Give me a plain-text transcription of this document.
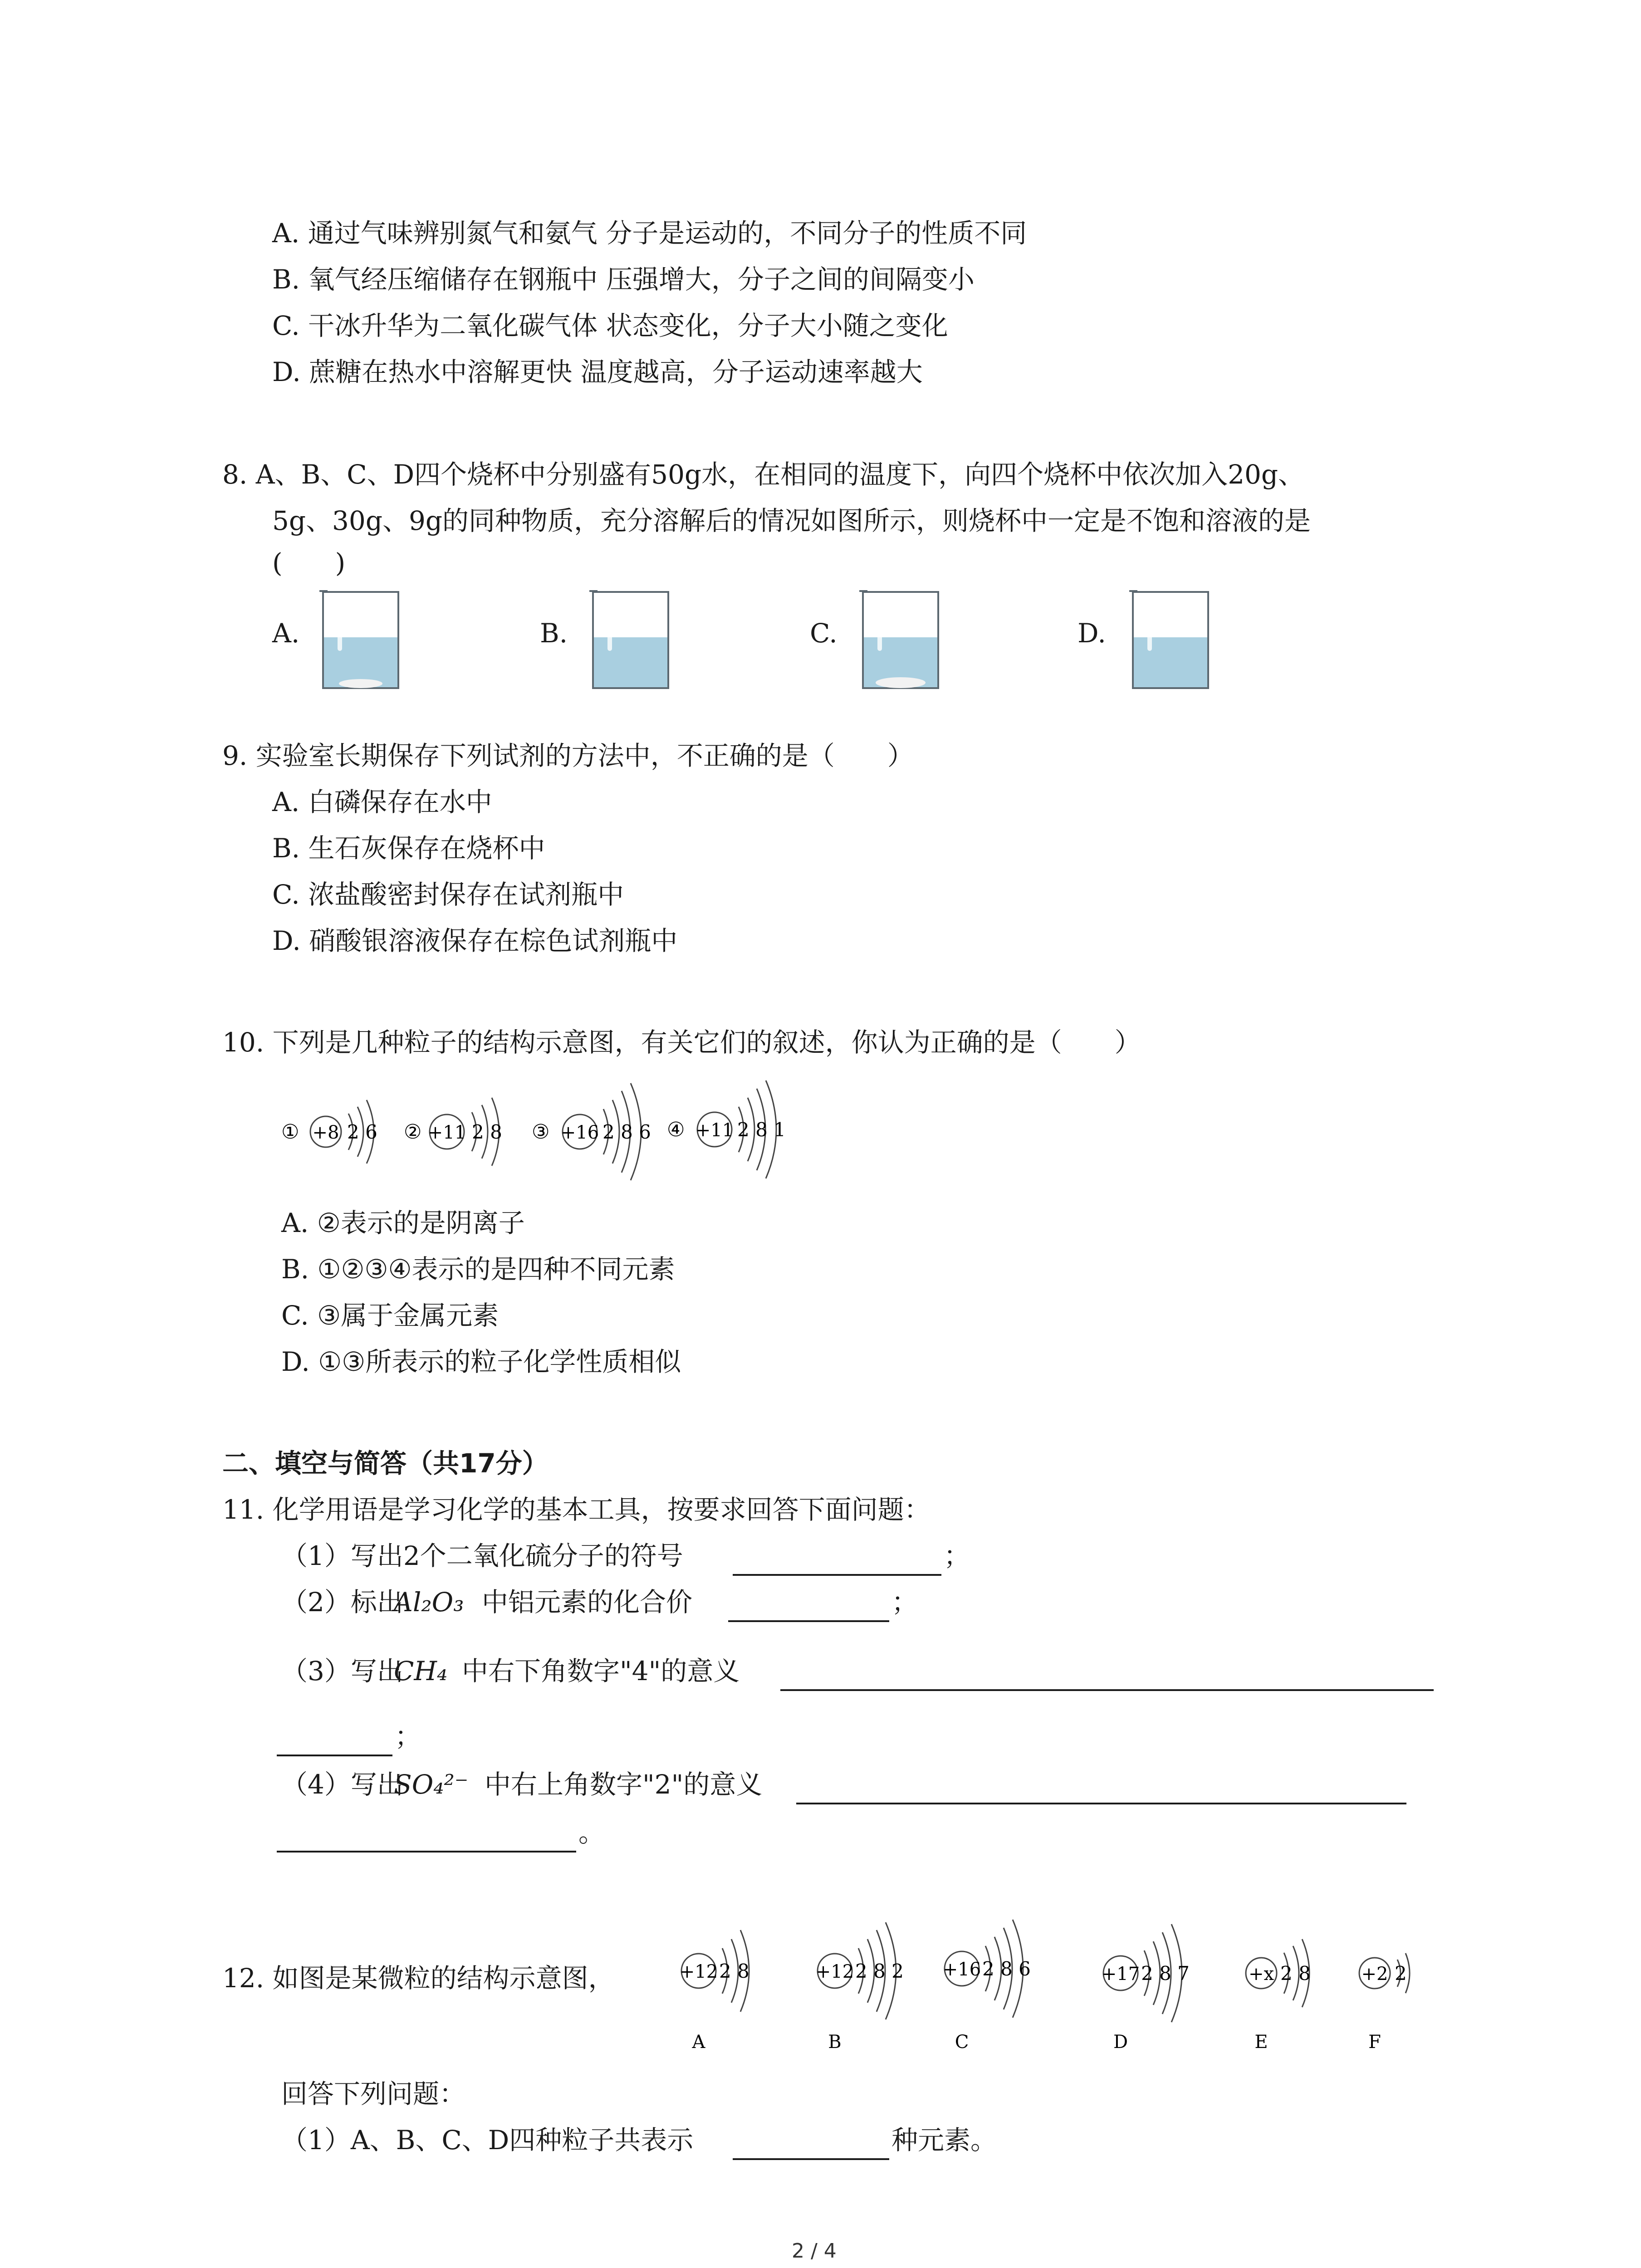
A. 通过气味辨别氮气和氨气 分子是运动的，不同分子的性质不同
B. 氧气经压缩储存在钢瓶中 压强增大，分子之间的间隔变小
C. 干冰升华为二氧化碳气体 状态变化，分子大小随之变化
D. 蔗糖在热水中溶解更快 温度越高，分子运动速率越大
8. A、B、C、D四个烧杯中分别盛有50g水，在相同的温度下，向四个烧杯中依次加入20g、
5g、30g、9g的同种物质，充分溶解后的情况如图所示，则烧杯中一定是不饱和溶液的是
(　　)
A.	B.	C.	D.
9. 实验室长期保存下列试剂的方法中，不正确的是（　　）
A. 白磷保存在水中
B. 生石灰保存在烧杯中
C. 浓盐酸密封保存在试剂瓶中
D. 硝酸银溶液保存在棕色试剂瓶中
10. 下列是几种粒子的结构示意图，有关它们的叙述，你认为正确的是（　　）
① +8 2 6 ② +11 2 8 ③ +16 2 8 6 ④ +11 2 8 1
A. ②表示的是阴离子
B. ①②③④表示的是四种不同元素
C. ③属于金属元素
D. ①③所表示的粒子化学性质相似
二、填空与简答（共17分）
11. 化学用语是学习化学的基本工具，按要求回答下面问题：
（1）写出2个二氧化硫分子的符号	；
（2）标出
Al₂O₃ 中铝元素的化合价	；
（3）写出
CH₄ 中右下角数字"4"的意义
；
（4）写出
SO₄²⁻ 中右上角数字"2"的意义
。
12. 如图是某微粒的结构示意图，	+12 2 8
A
+12 2 8 2
B
+16 2 8 6
C
+17 2 8 7
D
+x 2 8
E
+2 2
F
回答下列问题：
（1）A、B、C、D四种粒子共表示	种元素。
2 / 4
